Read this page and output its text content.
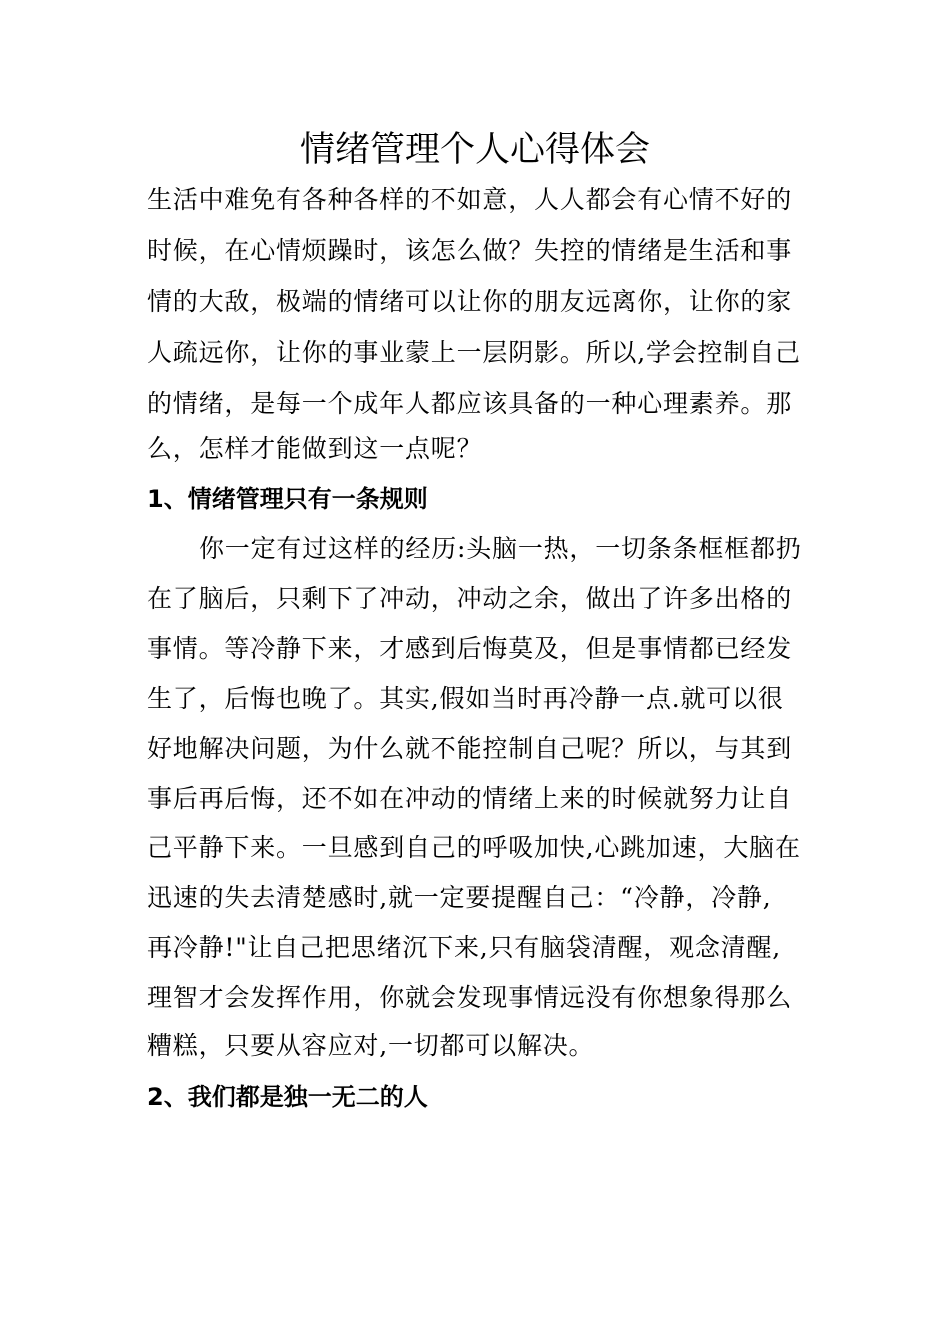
情绪管理个人心得体会
生活中难免有各种各样的不如意，人人都会有心情不好的
时候，在心情烦躁时，该怎么做？失控的情绪是生活和事
情的大敌，极端的情绪可以让你的朋友远离你，让你的家
人疏远你，让你的事业蒙上一层阴影。所以,学会控制自己
的情绪，是每一个成年人都应该具备的一种心理素养。那
么，怎样才能做到这一点呢？
1、情绪管理只有一条规则
你一定有过这样的经历:头脑一热，一切条条框框都扔
在了脑后，只剩下了冲动，冲动之余，做出了许多出格的
事情。等冷静下来，才感到后悔莫及，但是事情都已经发
生了，后悔也晚了。其实,假如当时再冷静一点.就可以很
好地解决问题，为什么就不能控制自己呢？所以，与其到
事后再后悔，还不如在冲动的情绪上来的时候就努力让自
己平静下来。一旦感到自己的呼吸加快,心跳加速，大脑在
迅速的失去清楚感时,就一定要提醒自己：“冷静，冷静,
再冷静!"让自己把思绪沉下来,只有脑袋清醒，观念清醒,
理智才会发挥作用，你就会发现事情远没有你想象得那么
糟糕，只要从容应对,一切都可以解决。
2、我们都是独一无二的人
